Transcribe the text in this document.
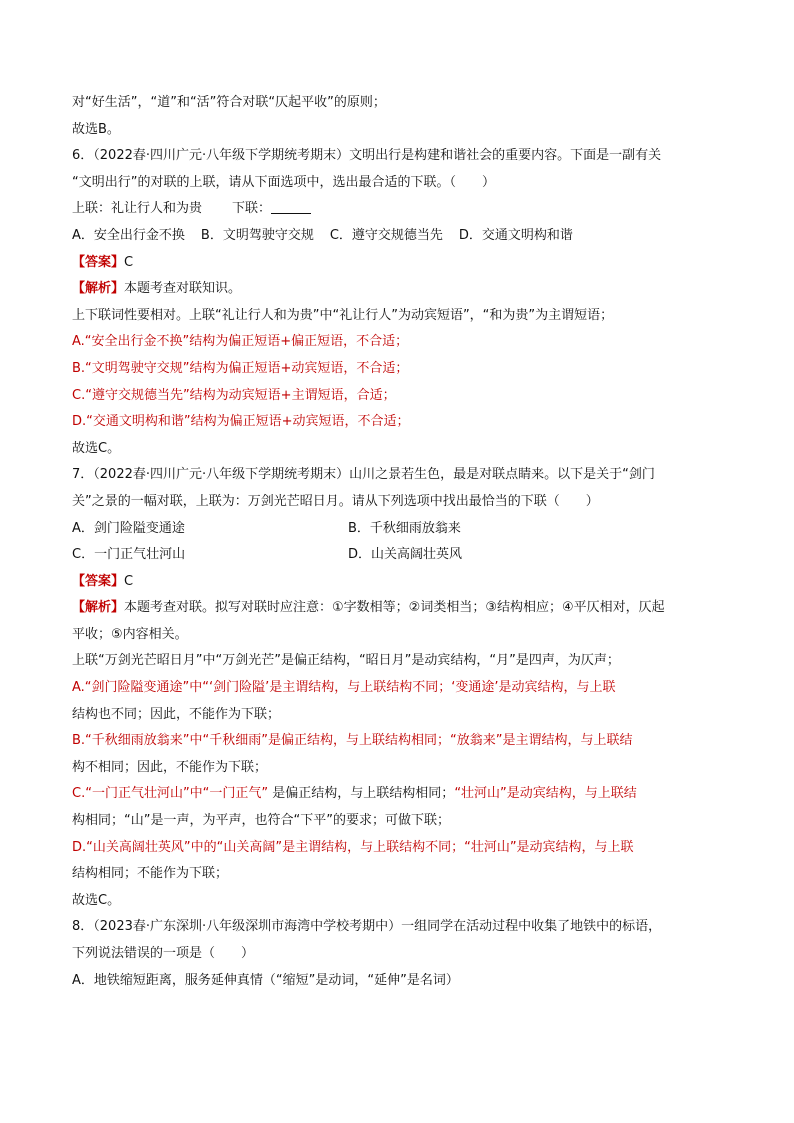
对“好生活”，“道”和“活”符合对联“仄起平收”的原则；
故选B。
6．（2022春·四川广元·八年级下学期统考期末）文明出行是构建和谐社会的重要内容。下面是一副有关
“文明出行”的对联的上联，请从下面选项中，选出最合适的下联。（　　）
上联：礼让行人和为贵 下联：
A．安全出行金不换 B．文明驾驶守交规 C．遵守交规德当先 D．交通文明构和谐
【答案】C
【解析】本题考查对联知识。
上下联词性要相对。上联“礼让行人和为贵”中“礼让行人”为动宾短语”，“和为贵”为主谓短语；
A.“安全出行金不换”结构为偏正短语+偏正短语，不合适；
B.“文明驾驶守交规”结构为偏正短语+动宾短语，不合适；
C.“遵守交规德当先”结构为动宾短语+主谓短语，合适；
D.“交通文明构和谐”结构为偏正短语+动宾短语，不合适；
故选C。
7．（2022春·四川广元·八年级下学期统考期末）山川之景若生色，最是对联点睛来。以下是关于“剑门
关”之景的一幅对联，上联为：万剑光芒昭日月。请从下列选项中找出最恰当的下联（　　）
A．剑门险隘变通途	B．千秋细雨放翁来
C．一门正气壮河山	D．山关高阔壮英风
【答案】C
【解析】本题考查对联。拟写对联时应注意：①字数相等；②词类相当；③结构相应；④平仄相对，仄起
平收；⑤内容相关。
上联“万剑光芒昭日月”中“万剑光芒”是偏正结构，“昭日月”是动宾结构，“月”是四声，为仄声；
A.“剑门险隘变通途”中“‘剑门险隘’是主谓结构，与上联结构不同；‘变通途’是动宾结构，与上联
结构也不同；因此，不能作为下联；
B.“千秋细雨放翁来”中“千秋细雨”是偏正结构，与上联结构相同；“放翁来”是主谓结构，与上联结
构不相同；因此，不能作为下联；
C.“一门正气壮河山”中“一门正气” 是偏正结构，与上联结构相同；“壮河山”是动宾结构，与上联结
构相同；“山”是一声，为平声，也符合“下平”的要求；可做下联；
D.“山关高阔壮英风”中的“山关高阔”是主谓结构，与上联结构不同；“壮河山”是动宾结构，与上联
结构相同；不能作为下联；
故选C。
8．（2023春·广东深圳·八年级深圳市海湾中学校考期中）一组同学在活动过程中收集了地铁中的标语，
下列说法错误的一项是（　　）
A．地铁缩短距离，服务延伸真情（“缩短”是动词，“延伸”是名词）
